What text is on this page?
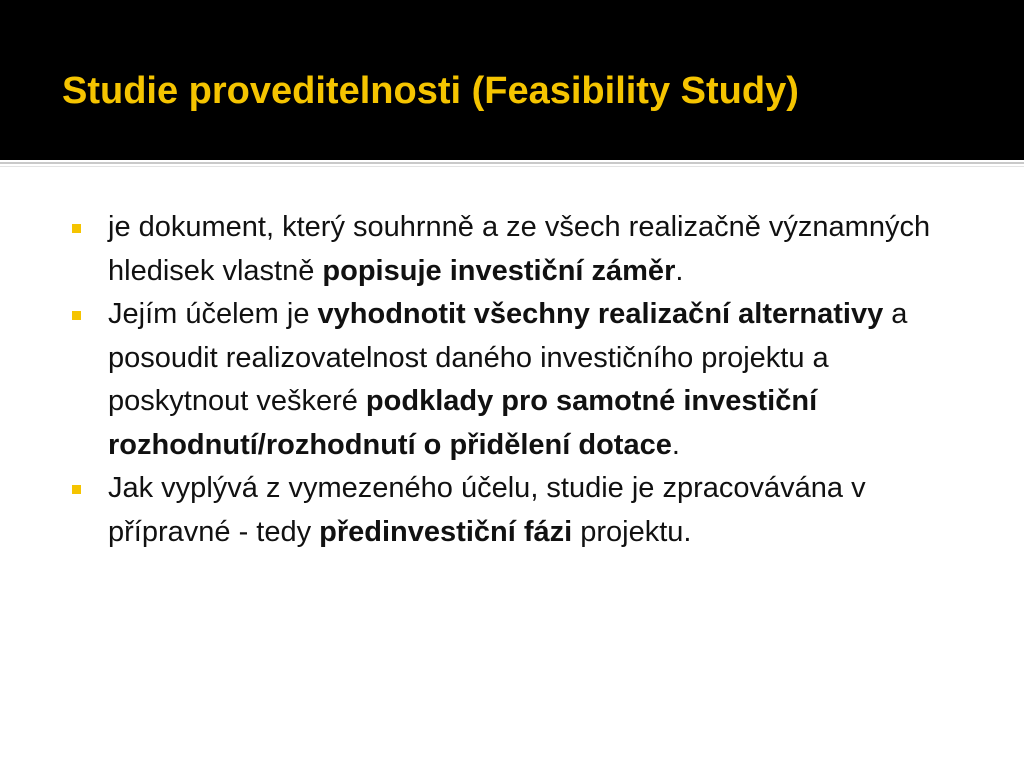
Studie proveditelnosti (Feasibility Study)
je dokument, který souhrnně a ze všech realizačně významných hledisek vlastně popisuje investiční záměr.
Jejím účelem je vyhodnotit všechny realizační alternativy a posoudit realizovatelnost daného investičního projektu a poskytnout veškeré podklady pro samotné investiční rozhodnutí/rozhodnutí o přidělení dotace.
Jak vyplývá z vymezeného účelu, studie je zpracovávána v přípravné - tedy předinvestiční fázi projektu.
